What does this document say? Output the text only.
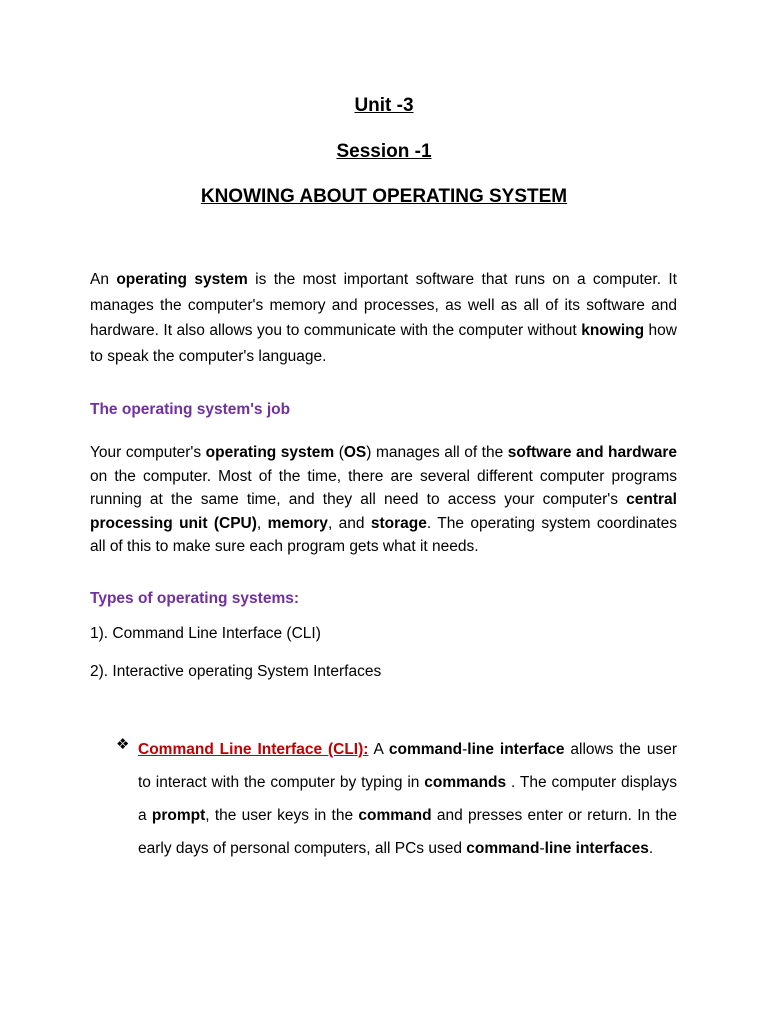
Unit -3
Session -1
KNOWING ABOUT OPERATING SYSTEM
An operating system is the most important software that runs on a computer. It manages the computer's memory and processes, as well as all of its software and hardware. It also allows you to communicate with the computer without knowing how to speak the computer's language.
The operating system's job
Your computer's operating system (OS) manages all of the software and hardware on the computer. Most of the time, there are several different computer programs running at the same time, and they all need to access your computer's central processing unit (CPU), memory, and storage. The operating system coordinates all of this to make sure each program gets what it needs.
Types of operating systems:
1). Command Line Interface (CLI)
2). Interactive operating System Interfaces
❖ Command Line Interface (CLI): A command-line interface allows the user to interact with the computer by typing in commands . The computer displays a prompt, the user keys in the command and presses enter or return. In the early days of personal computers, all PCs used command-line interfaces.
